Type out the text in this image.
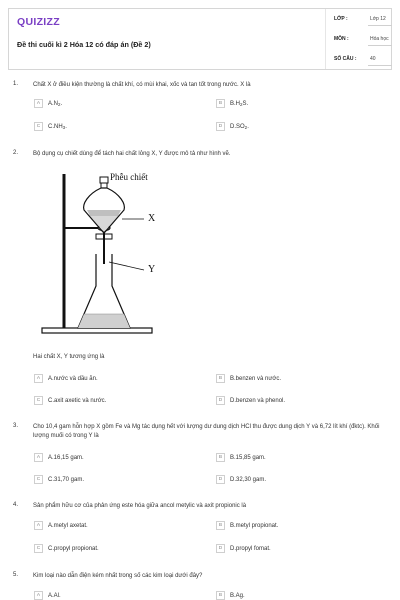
QUIZIZZ
Đề thi cuối kì 2 Hóa 12 có đáp án (Đề 2)
LỚP :	Lớp 12
MÔN :	Hóa học
SỐ CÂU :	40
1. Chất X ở điều kiện thường là chất khí, có mùi khai, xốc và tan tốt trong nước. X là
A	$A.N_2$.	B	$B.H_2S$.
C	$C.NH_3$.	D	$D.SO_2$.
2. Bộ dụng cụ chiết dùng để tách hai chất lỏng X, Y được mô tả như hình vẽ.
Phễu chiết
X
Y
Hai chất X, Y tương ứng là
A	A.nước và dầu ăn.	B	B.benzen và nước.
C	C.axit axetic và nước.	D	D.benzen và phenol.
3. Cho 10,4 gam hỗn hợp X gồm Fe và Mg tác dụng hết với lượng dư dung dịch HCl thu được dung dịch Y và 6,72 lít khí (đktc). Khối lượng muối có trong Y là
A	A.16,15 gam.	B	B.15,85 gam.
C	C.31,70 gam.	D	D.32,30 gam.
4. Sản phẩm hữu cơ của phản ứng este hóa giữa ancol metylic và axit propionic là
A	A.metyl axetat.	B	B.metyl propionat.
C	C.propyl propionat.	D	D.propyl fomat.
5. Kim loại nào dẫn điện kém nhất trong số các kim loại dưới đây?
A	A.Al.	B	B.Ag.
